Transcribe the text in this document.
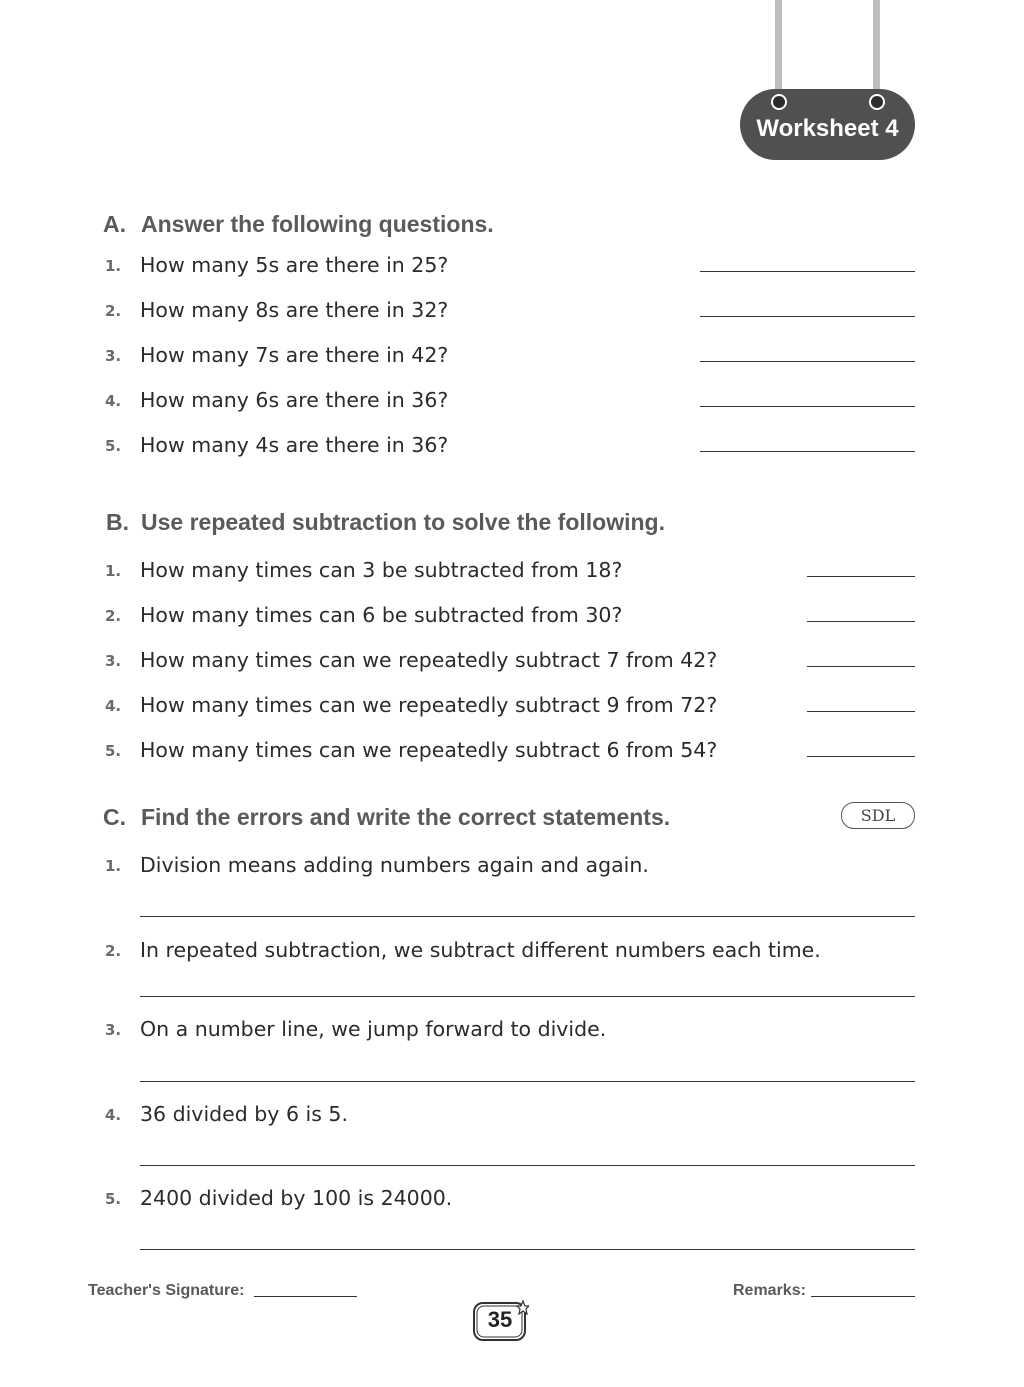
Worksheet 4
A. Answer the following questions.
1. How many 5s are there in 25?
2. How many 8s are there in 32?
3. How many 7s are there in 42?
4. How many 6s are there in 36?
5. How many 4s are there in 36?
B. Use repeated subtraction to solve the following.
1. How many times can 3 be subtracted from 18?
2. How many times can 6 be subtracted from 30?
3. How many times can we repeatedly subtract 7 from 42?
4. How many times can we repeatedly subtract 9 from 72?
5. How many times can we repeatedly subtract 6 from 54?
C. Find the errors and write the correct statements.	SDL
1. Division means adding numbers again and again.
2. In repeated subtraction, we subtract different numbers each time.
3. On a number line, we jump forward to divide.
4. 36 divided by 6 is 5.
5. 2400 divided by 100 is 24000.
Teacher's Signature:	Remarks:
35
